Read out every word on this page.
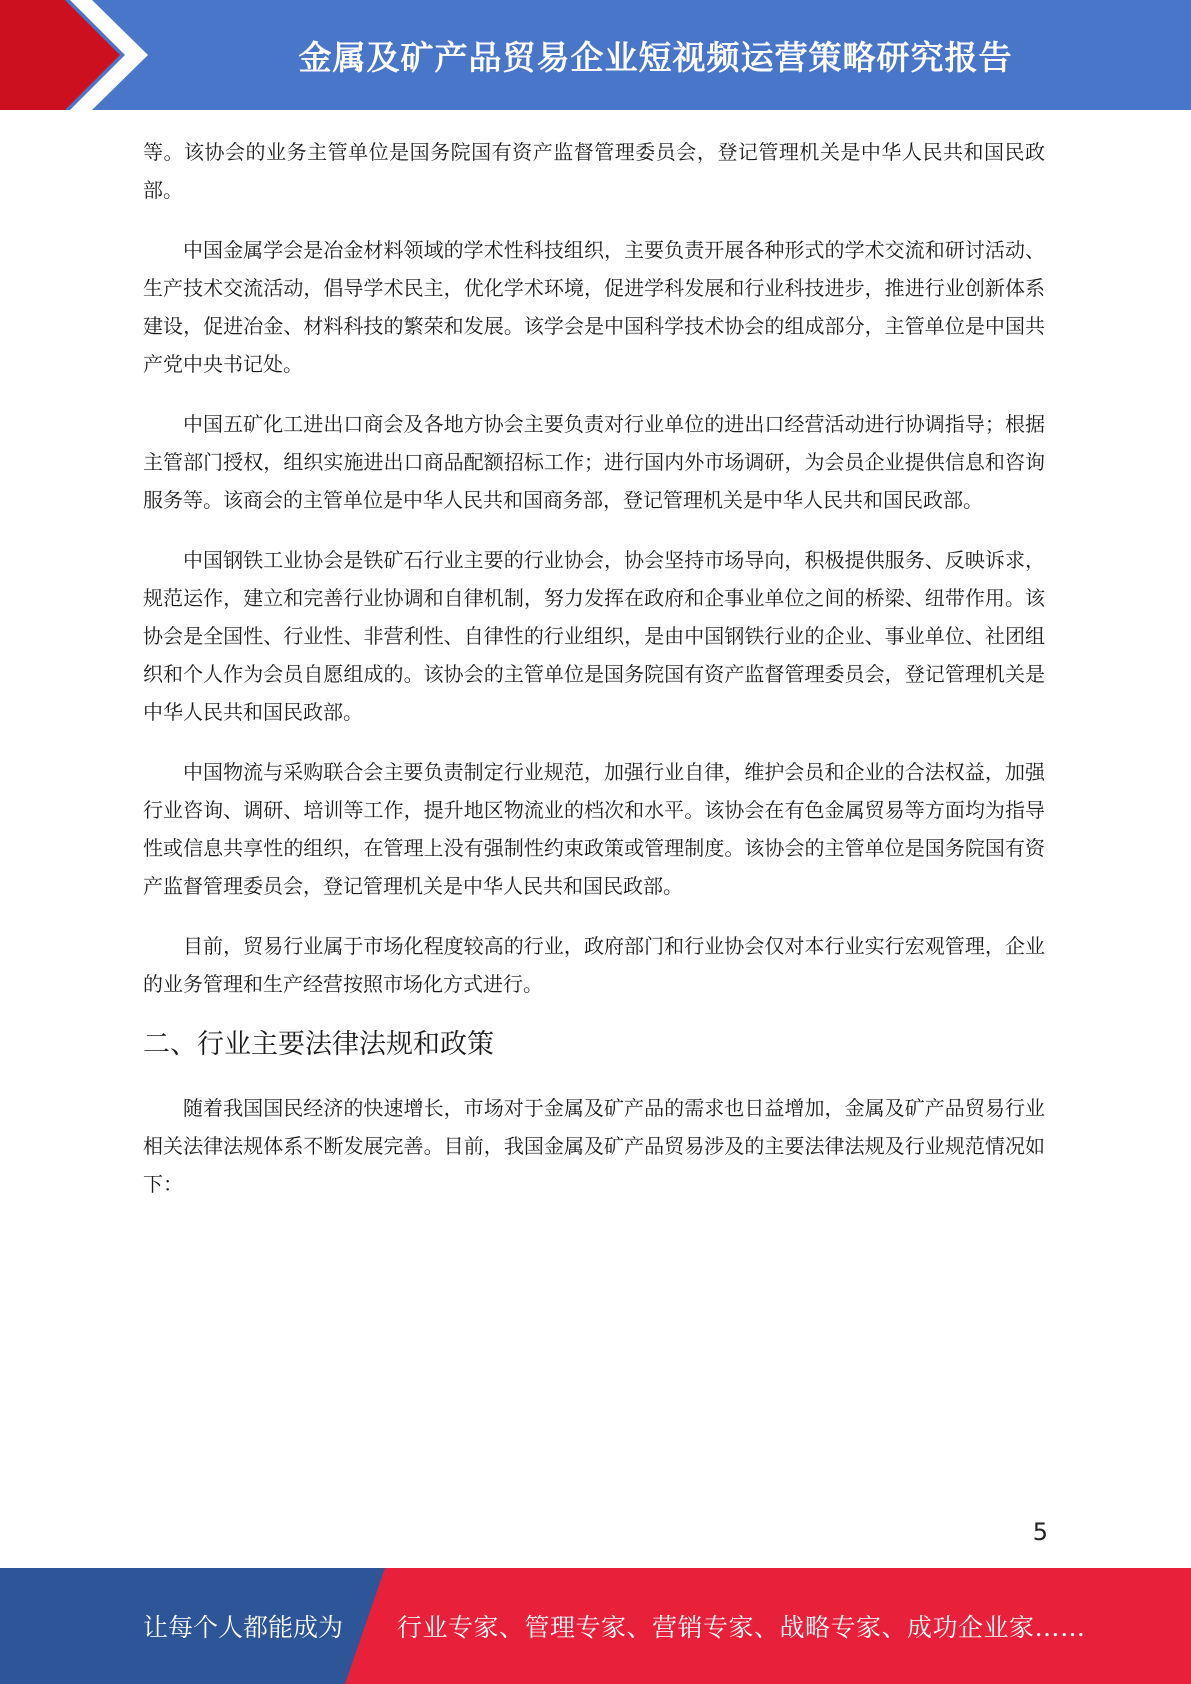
金属及矿产品贸易企业短视频运营策略研究报告

等。该协会的业务主管单位是国务院国有资产监督管理委员会，登记管理机关是中华人民共和国民政部。

中国金属学会是冶金材料领域的学术性科技组织，主要负责开展各种形式的学术交流和研讨活动、生产技术交流活动，倡导学术民主，优化学术环境，促进学科发展和行业科技进步，推进行业创新体系建设，促进冶金、材料科技的繁荣和发展。该学会是中国科学技术协会的组成部分，主管单位是中国共产党中央书记处。

中国五矿化工进出口商会及各地方协会主要负责对行业单位的进出口经营活动进行协调指导；根据主管部门授权，组织实施进出口商品配额招标工作；进行国内外市场调研，为会员企业提供信息和咨询服务等。该商会的主管单位是中华人民共和国商务部，登记管理机关是中华人民共和国民政部。

中国钢铁工业协会是铁矿石行业主要的行业协会，协会坚持市场导向，积极提供服务、反映诉求，规范运作，建立和完善行业协调和自律机制，努力发挥在政府和企事业单位之间的桥梁、纽带作用。该协会是全国性、行业性、非营利性、自律性的行业组织，是由中国钢铁行业的企业、事业单位、社团组织和个人作为会员自愿组成的。该协会的主管单位是国务院国有资产监督管理委员会，登记管理机关是中华人民共和国民政部。

中国物流与采购联合会主要负责制定行业规范，加强行业自律，维护会员和企业的合法权益，加强行业咨询、调研、培训等工作，提升地区物流业的档次和水平。该协会在有色金属贸易等方面均为指导性或信息共享性的组织，在管理上没有强制性约束政策或管理制度。该协会的主管单位是国务院国有资产监督管理委员会，登记管理机关是中华人民共和国民政部。

目前，贸易行业属于市场化程度较高的行业，政府部门和行业协会仅对本行业实行宏观管理，企业的业务管理和生产经营按照市场化方式进行。

二、行业主要法律法规和政策

随着我国国民经济的快速增长，市场对于金属及矿产品的需求也日益增加，金属及矿产品贸易行业相关法律法规体系不断发展完善。目前，我国金属及矿产品贸易涉及的主要法律法规及行业规范情况如下：

5
让每个人都能成为 行业专家、管理专家、营销专家、战略专家、成功企业家……
